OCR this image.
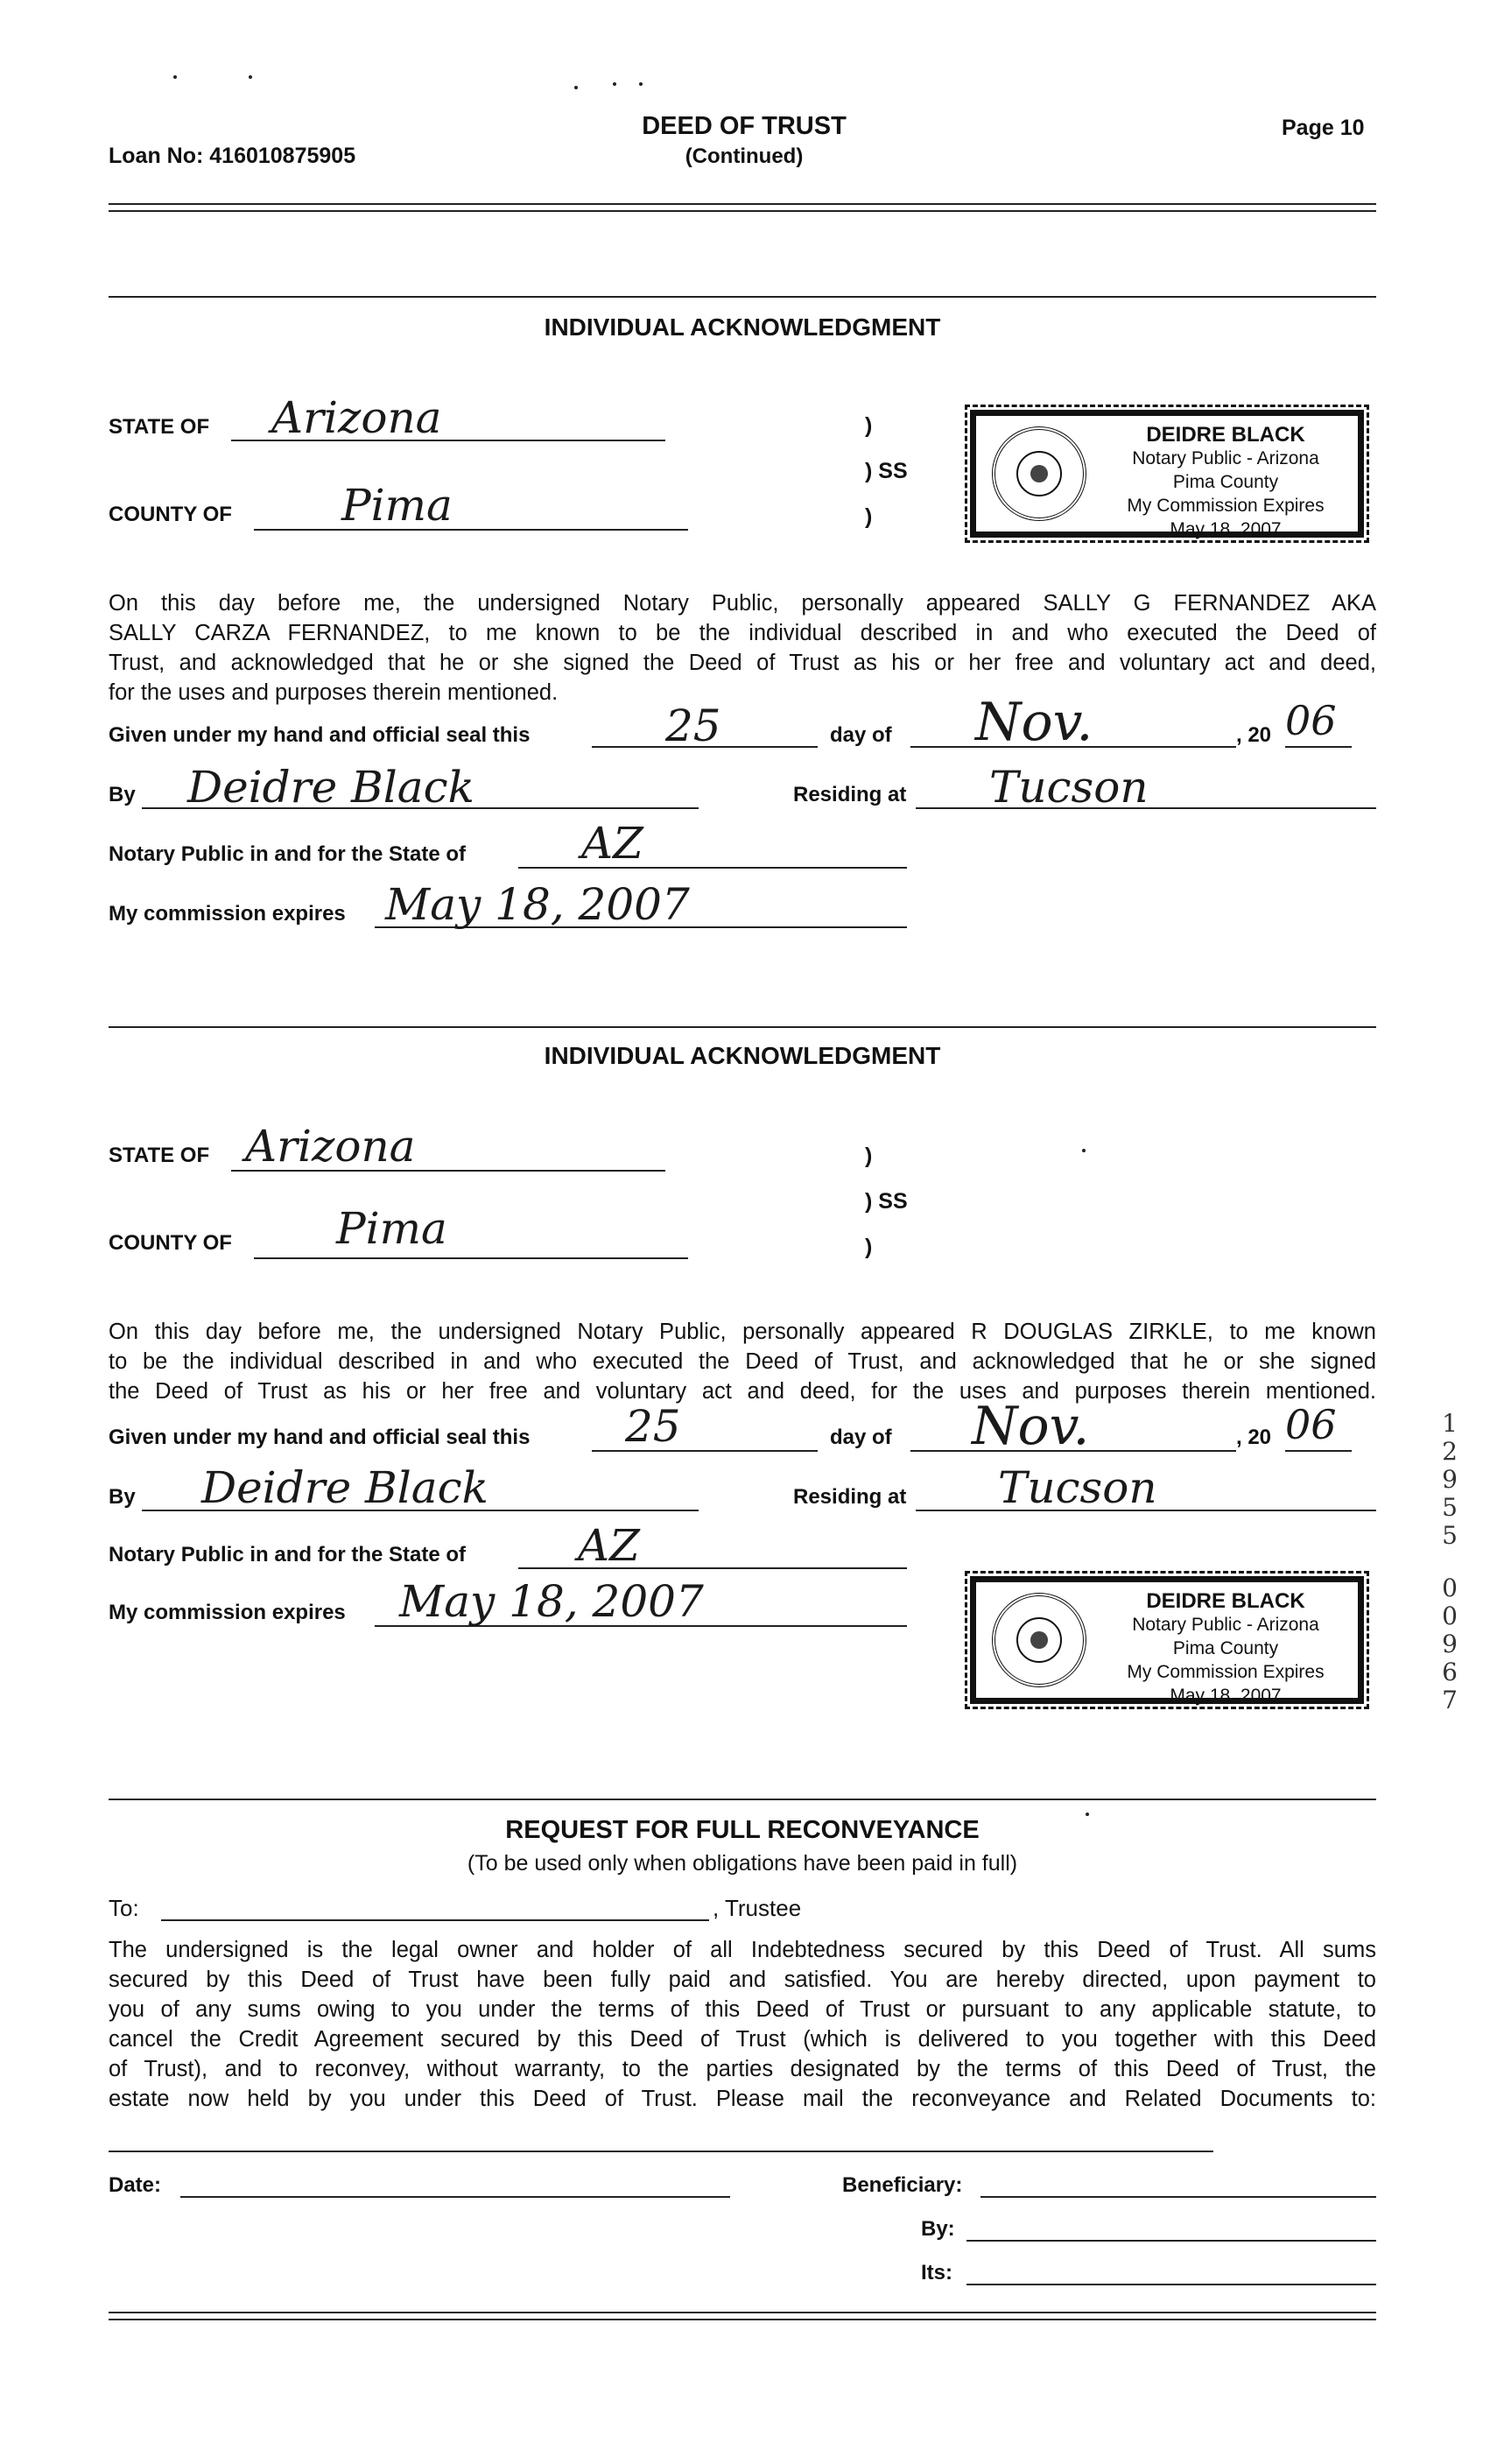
Loan No: 416010875905
DEED OF TRUST
(Continued)
Page 10
INDIVIDUAL ACKNOWLEDGMENT
STATE OF Arizona
COUNTY OF	Pima
)
) SS
)
DEIDRE BLACK
Notary Public - Arizona
Pima County
My Commission Expires
May 18, 2007
On this day before me, the undersigned Notary Public, personally appeared SALLY G FERNANDEZ AKA
SALLY CARZA FERNANDEZ, to me known to be the individual described in and who executed the Deed of
Trust, and acknowledged that he or she signed the Deed of Trust as his or her free and voluntary act and deed,
for the uses and purposes therein mentioned.
Given under my hand and official seal this	25	day of Nov.	, 20 06
By Deidre Black	Residing at Tucson
Notary Public in and for the State of	AZ
My commission expires May 18, 2007
INDIVIDUAL ACKNOWLEDGMENT
STATE OF Arizona
COUNTY OF Pima
)
) SS
)
On this day before me, the undersigned Notary Public, personally appeared R DOUGLAS ZIRKLE, to me known
to be the individual described in and who executed the Deed of Trust, and acknowledged that he or she signed
the Deed of Trust as his or her free and voluntary act and deed, for the uses and purposes therein mentioned.
Given under my hand and official seal this 25	day of Nov.	, 20 06
By Deidre Black	Residing at Tucson
Notary Public in and for the State of	AZ
My commission expires May 18, 2007	DEIDRE BLACK
Notary Public - Arizona
Pima County
My Commission Expires
May 18, 2007
1
2
9
5
5
0
0
9
6
7
REQUEST FOR FULL RECONVEYANCE
(To be used only when obligations have been paid in full)
To:	, Trustee
The undersigned is the legal owner and holder of all Indebtedness secured by this Deed of Trust. All sums
secured by this Deed of Trust have been fully paid and satisfied. You are hereby directed, upon payment to
you of any sums owing to you under the terms of this Deed of Trust or pursuant to any applicable statute, to
cancel the Credit Agreement secured by this Deed of Trust (which is delivered to you together with this Deed
of Trust), and to reconvey, without warranty, to the parties designated by the terms of this Deed of Trust, the
estate now held by you under this Deed of Trust. Please mail the reconveyance and Related Documents to:
Date:	Beneficiary:
By:
Its:
